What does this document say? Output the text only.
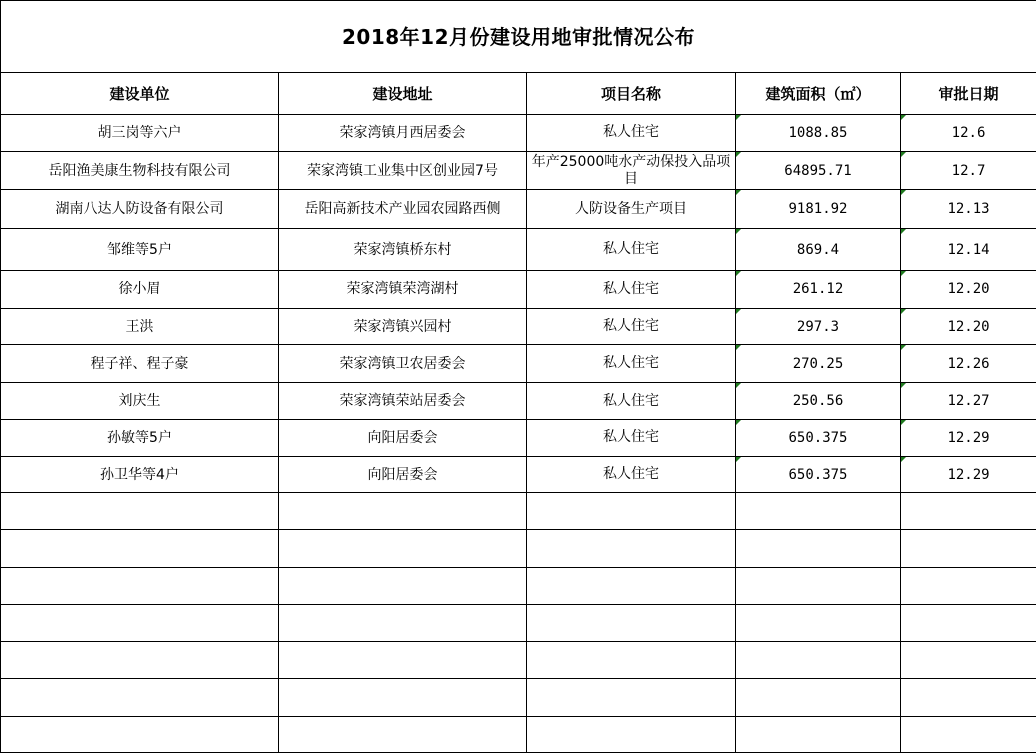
2018年12月份建设用地审批情况公布				
建设单位	建设地址	项目名称	建筑面积（㎡）	审批日期
胡三岗等六户	荣家湾镇月西居委会	私人住宅	1088.85	12.6
岳阳渔美康生物科技有限公司	荣家湾镇工业集中区创业园7号	年产25000吨水产动保投入品项目	64895.71	12.7
湖南八达人防设备有限公司	岳阳高新技术产业园农园路西侧	人防设备生产项目	9181.92	12.13
邹维等5户	荣家湾镇桥东村	私人住宅	869.4	12.14
徐小眉	荣家湾镇荣湾湖村	私人住宅	261.12	12.20
王洪	荣家湾镇兴园村	私人住宅	297.3	12.20
程子祥、程子豪	荣家湾镇卫农居委会	私人住宅	270.25	12.26
刘庆生	荣家湾镇荣站居委会	私人住宅	250.56	12.27
孙敏等5户	向阳居委会	私人住宅	650.375	12.29
孙卫华等4户	向阳居委会	私人住宅	650.375	12.29
